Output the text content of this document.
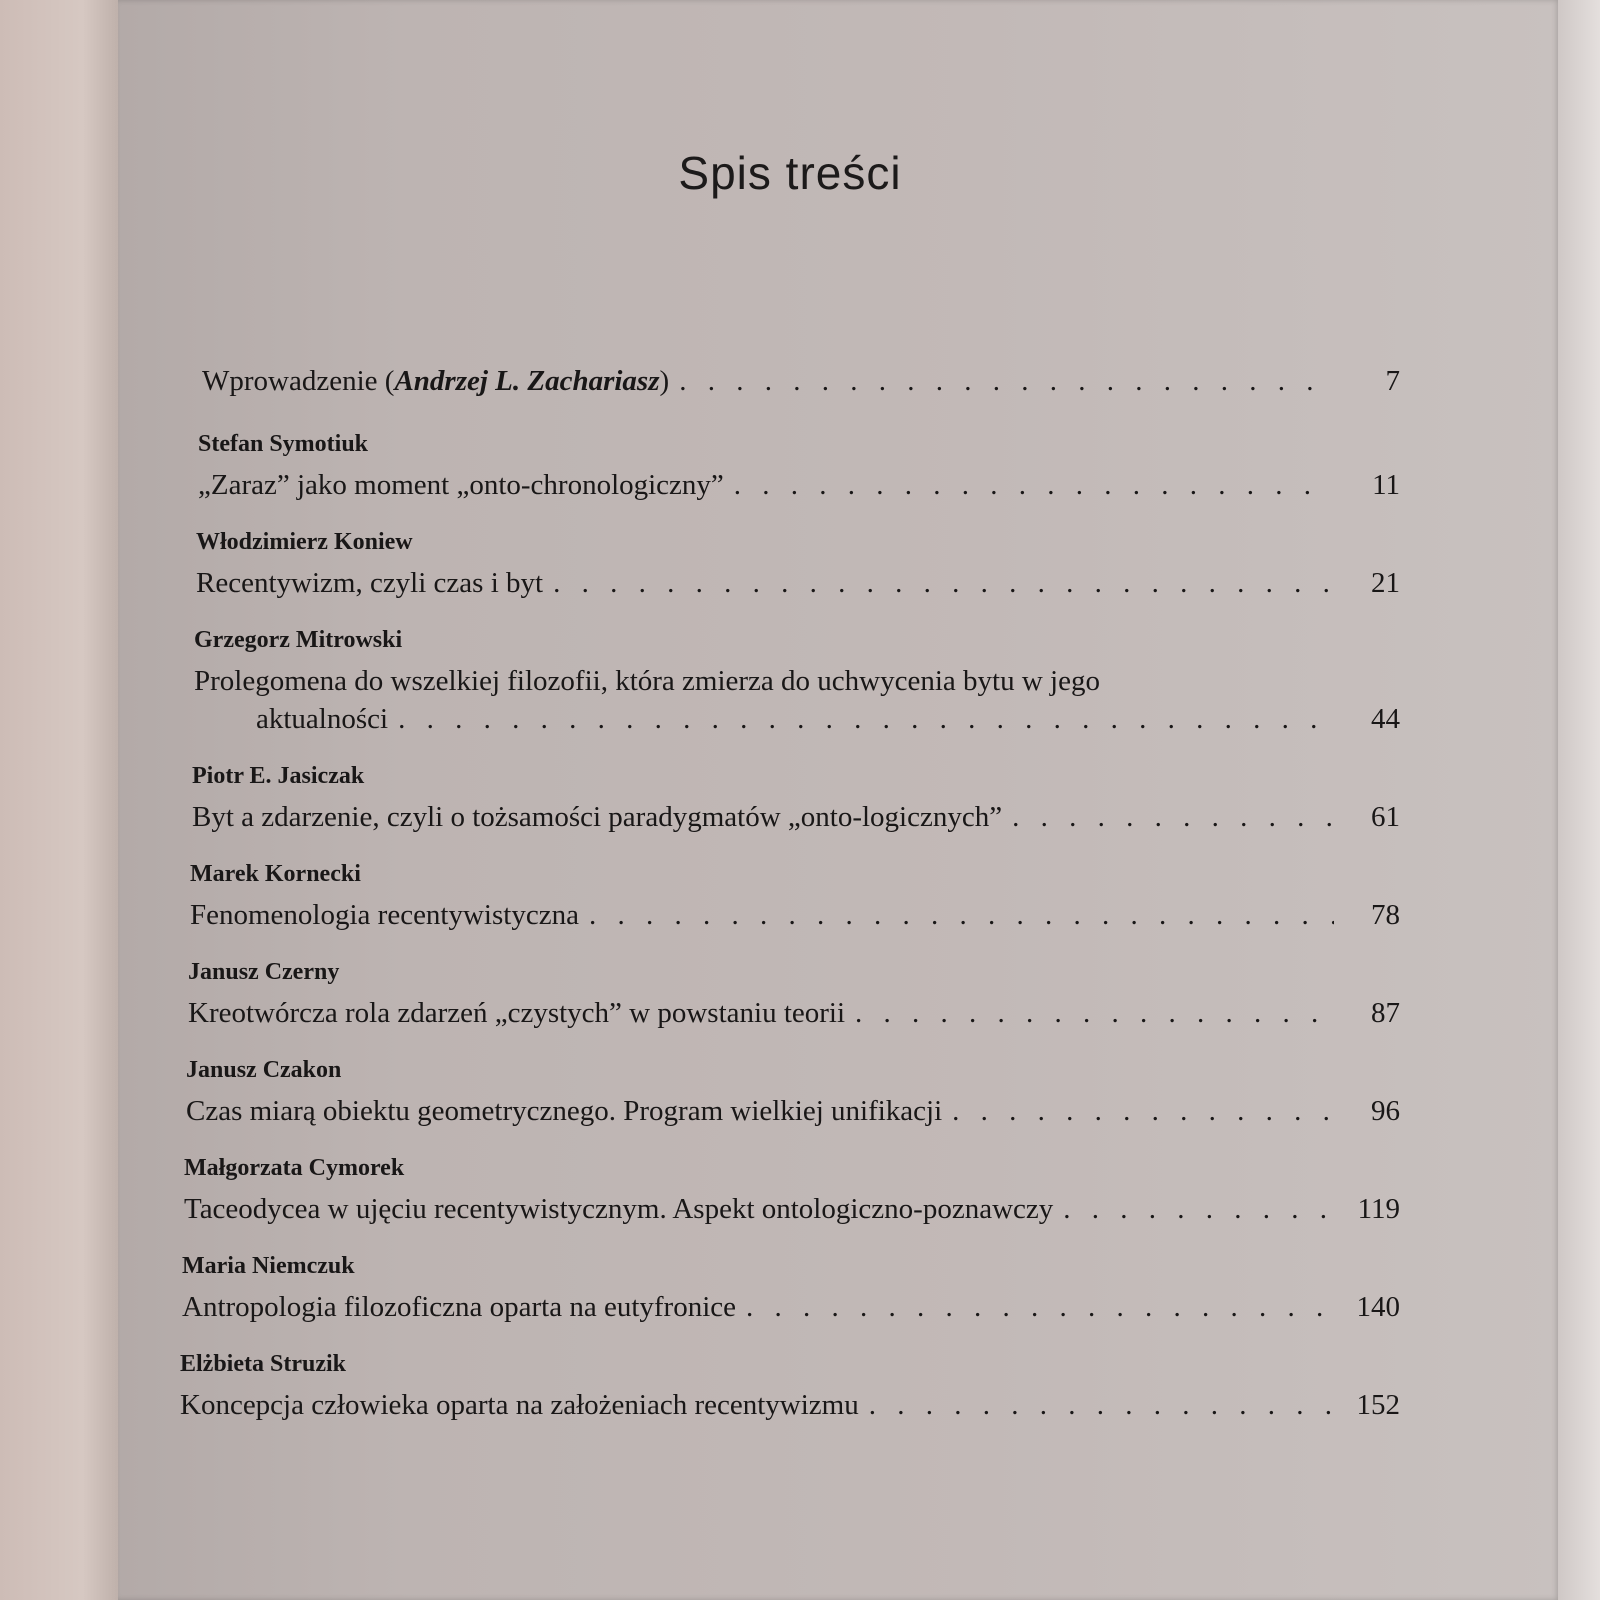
Spis treści
Wprowadzenie (Andrzej L. Zachariasz) . . .	7
Stefan Symotiuk
„Zaraz” jako moment „onto-chronologiczny” . . .	11
Włodzimierz Koniew
Recentywizm, czyli czas i byt . . .	21
Grzegorz Mitrowski
Prolegomena do wszelkiej filozofii, która zmierza do uchwycenia bytu w jego
aktualności . . .	44
Piotr E. Jasiczak
Byt a zdarzenie, czyli o tożsamości paradygmatów „onto-logicznych” . . .	61
Marek Kornecki
Fenomenologia recentywistyczna . . .	78
Janusz Czerny
Kreotwórcza rola zdarzeń „czystych” w powstaniu teorii . . .	87
Janusz Czakon
Czas miarą obiektu geometrycznego. Program wielkiej unifikacji . . .	96
Małgorzata Cymorek
Taceodycea w ujęciu recentywistycznym. Aspekt ontologiczno-poznawczy . . .	119
Maria Niemczuk
Antropologia filozoficzna oparta na eutyfronice . . .	140
Elżbieta Struzik
Koncepcja człowieka oparta na założeniach recentywizmu . . .	152
